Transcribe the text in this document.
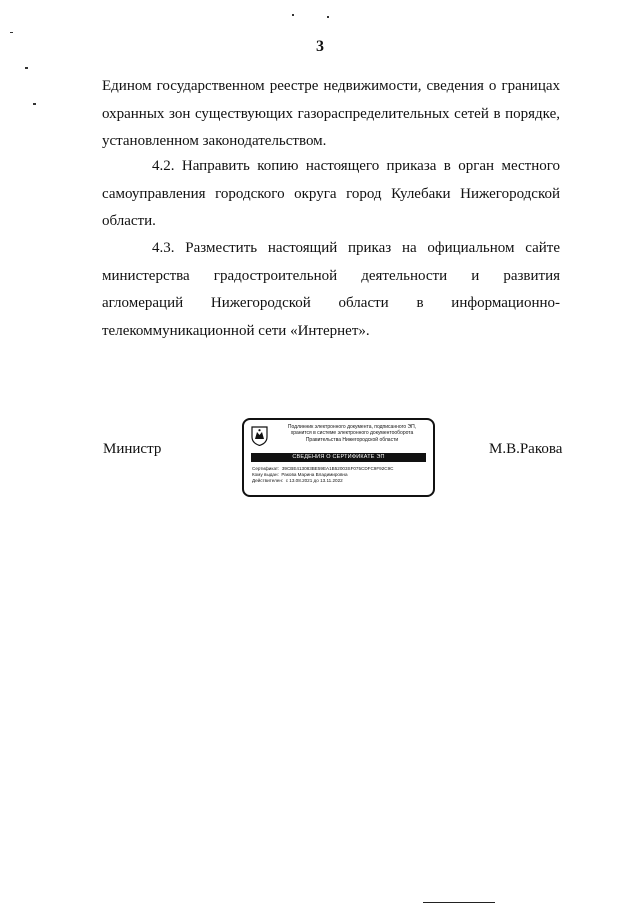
3
Едином государственном реестре недвижимости, сведения о границах охранных зон существующих газораспределительных сетей в порядке, установленном законодательством.
4.2. Направить копию настоящего приказа в орган местного самоуправления городского округа город Кулебаки Нижегородской области.
4.3. Разместить настоящий приказ на официальном сайте министерства градостроительной деятельности и развития агломераций Нижегородской области в информационно-телекоммуникационной сети «Интернет».
Министр	М.В.Ракова
Подлинник электронного документа, подписанного ЭП,
хранится в системе электронного документооборота
Правительства Нижегородской области
СВЕДЕНИЯ О СЕРТИФИКАТЕ ЭП
Сертификат: 39CBE413083BE59EA1B52003SF075CDFC9F92C9C
Кому выдан: Ракова Марина Владимировна
Действителен: с 13.08.2021 до 13.11.2022
